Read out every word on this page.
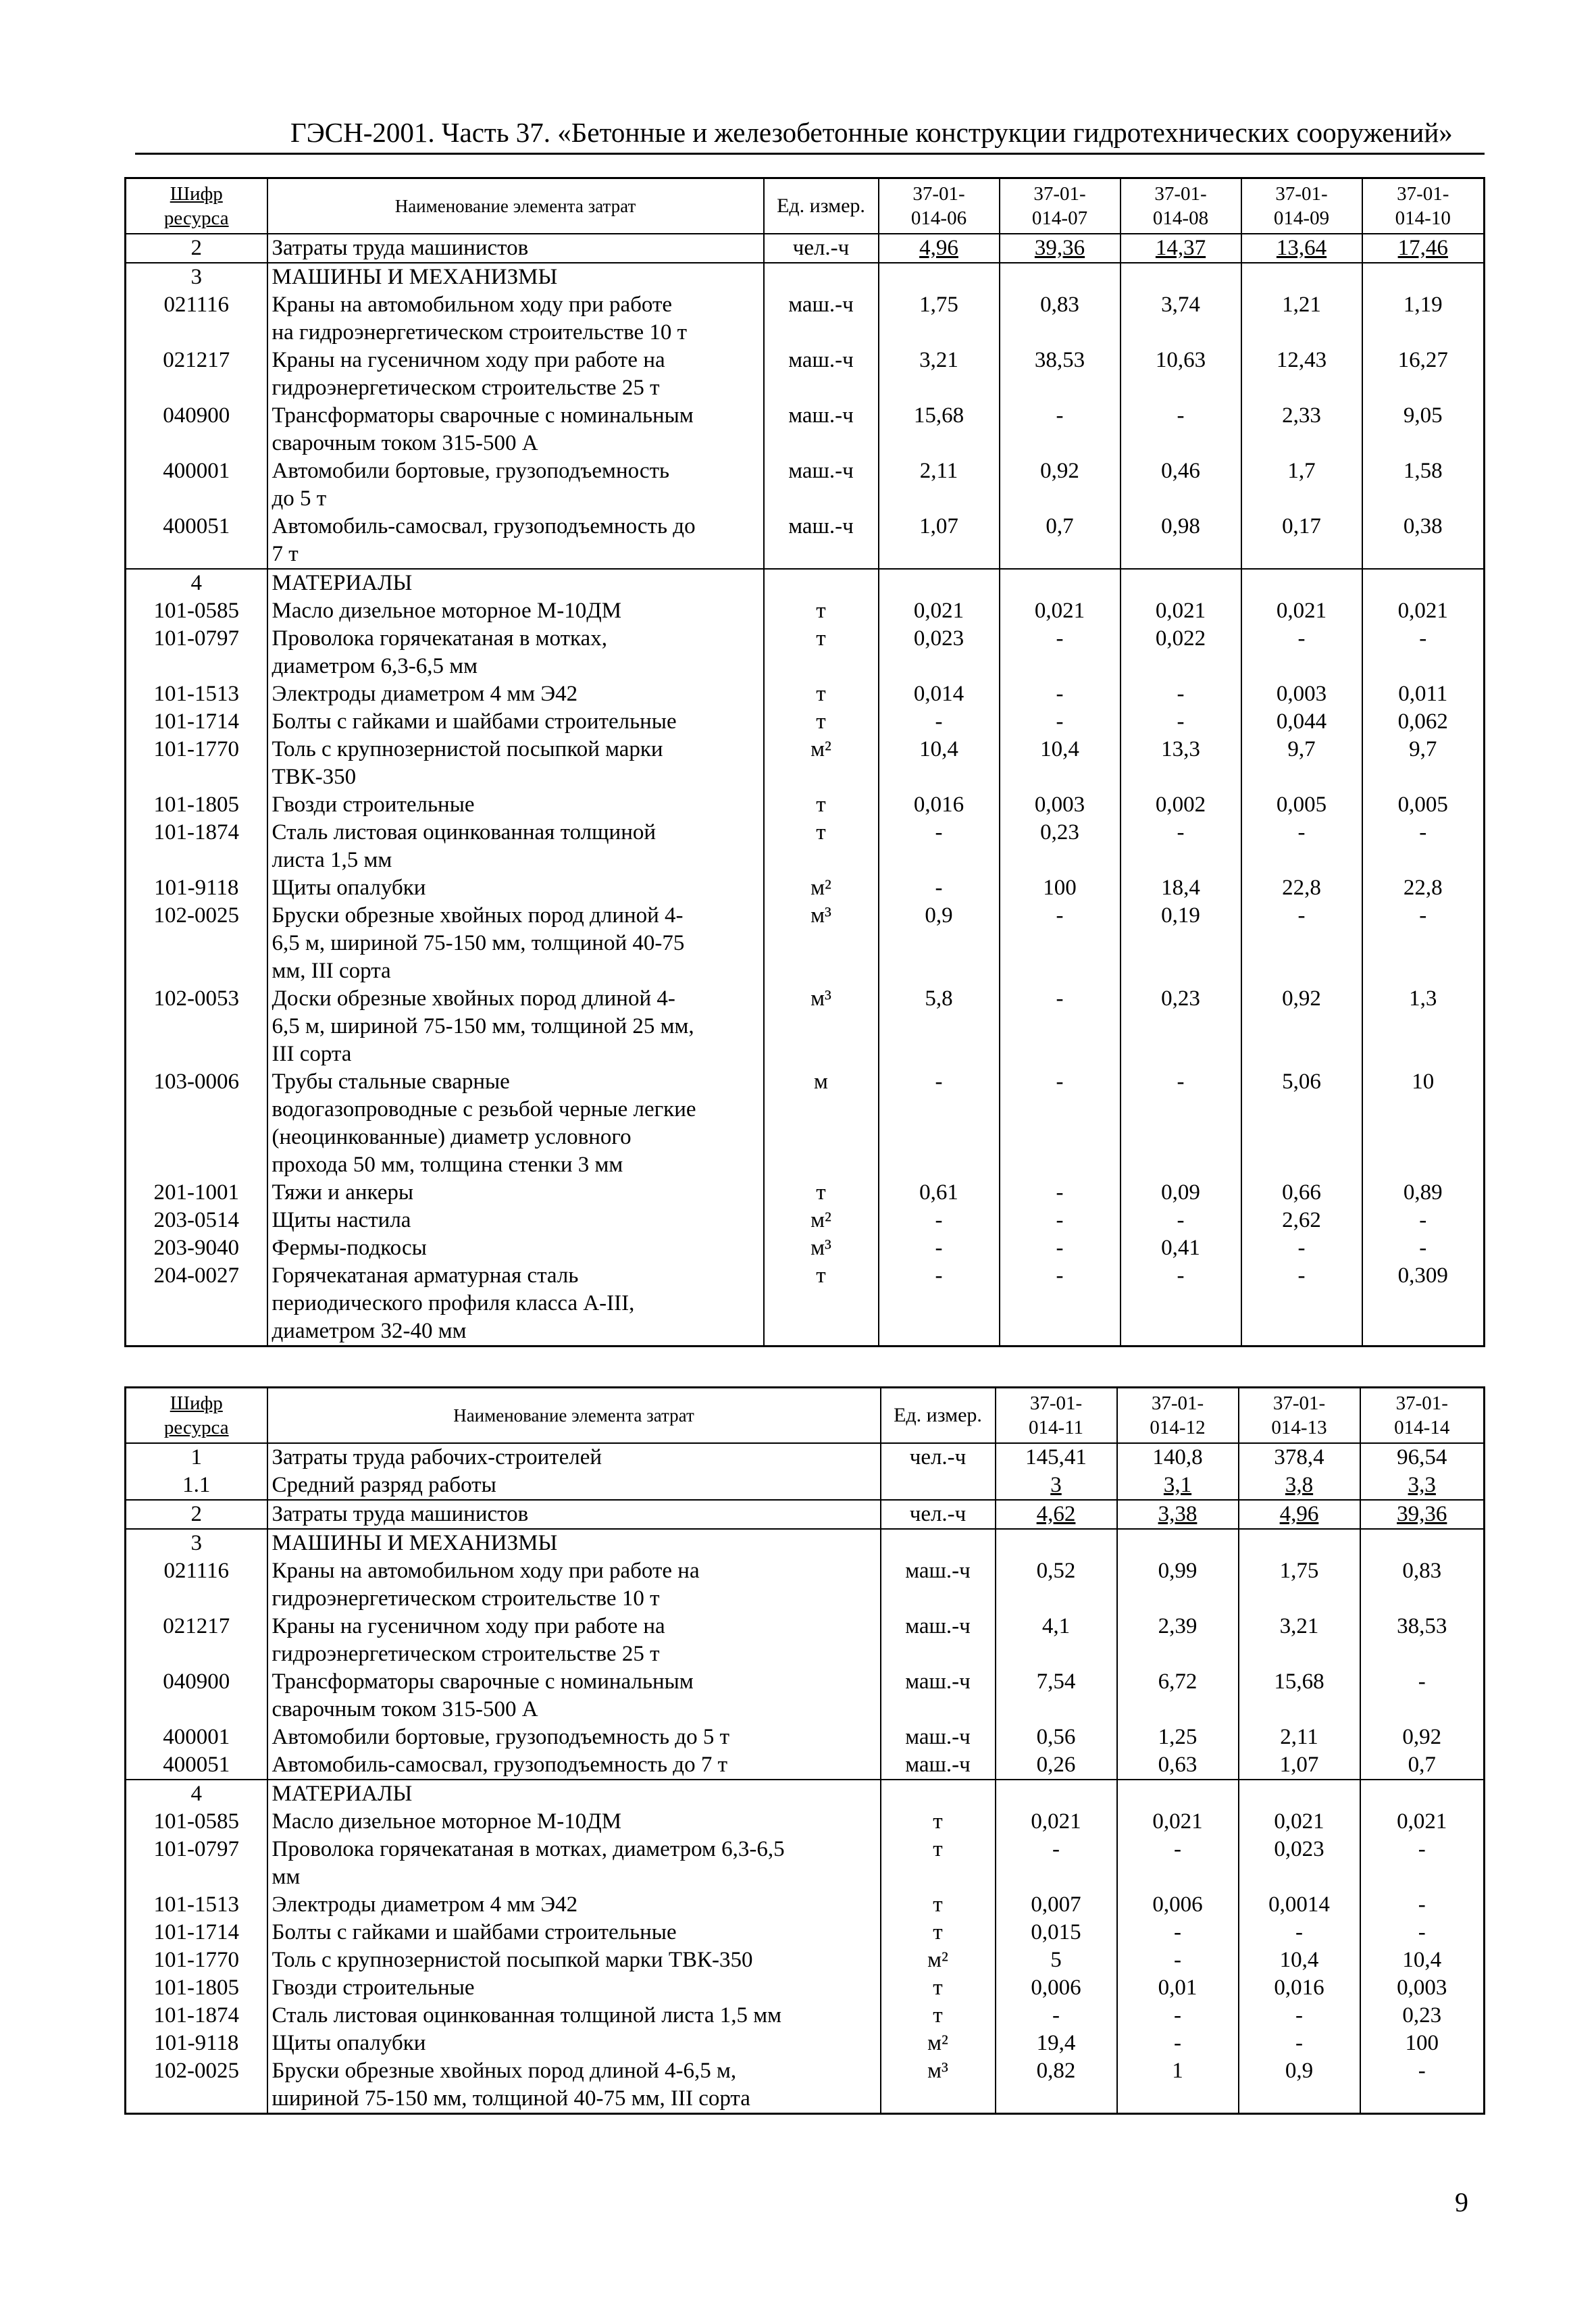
ГЭСН-2001. Часть 37. «Бетонные и железобетонные конструкции гидротехнических сооружений»
Шифр
ресурса	Наименование элемента затрат	Ед. измер.	37-01-
014-06	37-01-
014-07	37-01-
014-08	37-01-
014-09	37-01-
014-10
2	Затраты труда машинистов	чел.-ч	4,96	39,36	14,37	13,64	17,46
3	МАШИНЫ И МЕХАНИЗМЫ						
021116	Краны на автомобильном ходу при работе
на гидроэнергетическом строительстве 10 т	маш.-ч	1,75	0,83	3,74	1,21	1,19
021217	Краны на гусеничном ходу при работе на
гидроэнергетическом строительстве 25 т	маш.-ч	3,21	38,53	10,63	12,43	16,27
040900	Трансформаторы сварочные с номинальным
сварочным током 315-500 А	маш.-ч	15,68	-	-	2,33	9,05
400001	Автомобили бортовые, грузоподъемность
до 5 т	маш.-ч	2,11	0,92	0,46	1,7	1,58
400051	Автомобиль-самосвал, грузоподъемность до
7 т	маш.-ч	1,07	0,7	0,98	0,17	0,38
4	МАТЕРИАЛЫ						
101-0585	Масло дизельное моторное М-10ДМ	т	0,021	0,021	0,021	0,021	0,021
101-0797	Проволока горячекатаная в мотках,
диаметром 6,3-6,5 мм	т	0,023	-	0,022	-	-
101-1513	Электроды диаметром 4 мм Э42	т	0,014	-	-	0,003	0,011
101-1714	Болты с гайками и шайбами строительные	т	-	-	-	0,044	0,062
101-1770	Толь с крупнозернистой посыпкой марки
ТВК-350	м²	10,4	10,4	13,3	9,7	9,7
101-1805	Гвозди строительные	т	0,016	0,003	0,002	0,005	0,005
101-1874	Сталь листовая оцинкованная толщиной
листа 1,5 мм	т	-	0,23	-	-	-
101-9118	Щиты опалубки	м²	-	100	18,4	22,8	22,8
102-0025	Бруски обрезные хвойных пород длиной 4-
6,5 м, шириной 75-150 мм, толщиной 40-75
мм, III сорта	м³	0,9	-	0,19	-	-
102-0053	Доски обрезные хвойных пород длиной 4-
6,5 м, шириной 75-150 мм, толщиной 25 мм,
III сорта	м³	5,8	-	0,23	0,92	1,3
103-0006	Трубы стальные сварные
водогазопроводные с резьбой черные легкие
(неоцинкованные) диаметр условного
прохода 50 мм, толщина стенки 3 мм	м	-	-	-	5,06	10
201-1001	Тяжи и анкеры	т	0,61	-	0,09	0,66	0,89
203-0514	Щиты настила	м²	-	-	-	2,62	-
203-9040	Фермы-подкосы	м³	-	-	0,41	-	-
204-0027	Горячекатаная арматурная сталь
периодического профиля класса А-III,
диаметром 32-40 мм	т	-	-	-	-	0,309
Шифр
ресурса	Наименование элемента затрат	Ед. измер.	37-01-
014-11	37-01-
014-12	37-01-
014-13	37-01-
014-14
1	Затраты труда рабочих-строителей	чел.-ч	145,41	140,8	378,4	96,54
1.1	Средний разряд работы		3	3,1	3,8	3,3
2	Затраты труда машинистов	чел.-ч	4,62	3,38	4,96	39,36
3	МАШИНЫ И МЕХАНИЗМЫ					
021116	Краны на автомобильном ходу при работе на
гидроэнергетическом строительстве 10 т	маш.-ч	0,52	0,99	1,75	0,83
021217	Краны на гусеничном ходу при работе на
гидроэнергетическом строительстве 25 т	маш.-ч	4,1	2,39	3,21	38,53
040900	Трансформаторы сварочные с номинальным
сварочным током 315-500 А	маш.-ч	7,54	6,72	15,68	-
400001	Автомобили бортовые, грузоподъемность до 5 т	маш.-ч	0,56	1,25	2,11	0,92
400051	Автомобиль-самосвал, грузоподъемность до 7 т	маш.-ч	0,26	0,63	1,07	0,7
4	МАТЕРИАЛЫ					
101-0585	Масло дизельное моторное М-10ДМ	т	0,021	0,021	0,021	0,021
101-0797	Проволока горячекатаная в мотках, диаметром 6,3-6,5
мм	т	-	-	0,023	-
101-1513	Электроды диаметром 4 мм Э42	т	0,007	0,006	0,0014	-
101-1714	Болты с гайками и шайбами строительные	т	0,015	-	-	-
101-1770	Толь с крупнозернистой посыпкой марки ТВК-350	м²	5	-	10,4	10,4
101-1805	Гвозди строительные	т	0,006	0,01	0,016	0,003
101-1874	Сталь листовая оцинкованная толщиной листа 1,5 мм	т	-	-	-	0,23
101-9118	Щиты опалубки	м²	19,4	-	-	100
102-0025	Бруски обрезные хвойных пород длиной 4-6,5 м,
шириной 75-150 мм, толщиной 40-75 мм, III сорта	м³	0,82	1	0,9	-
9
